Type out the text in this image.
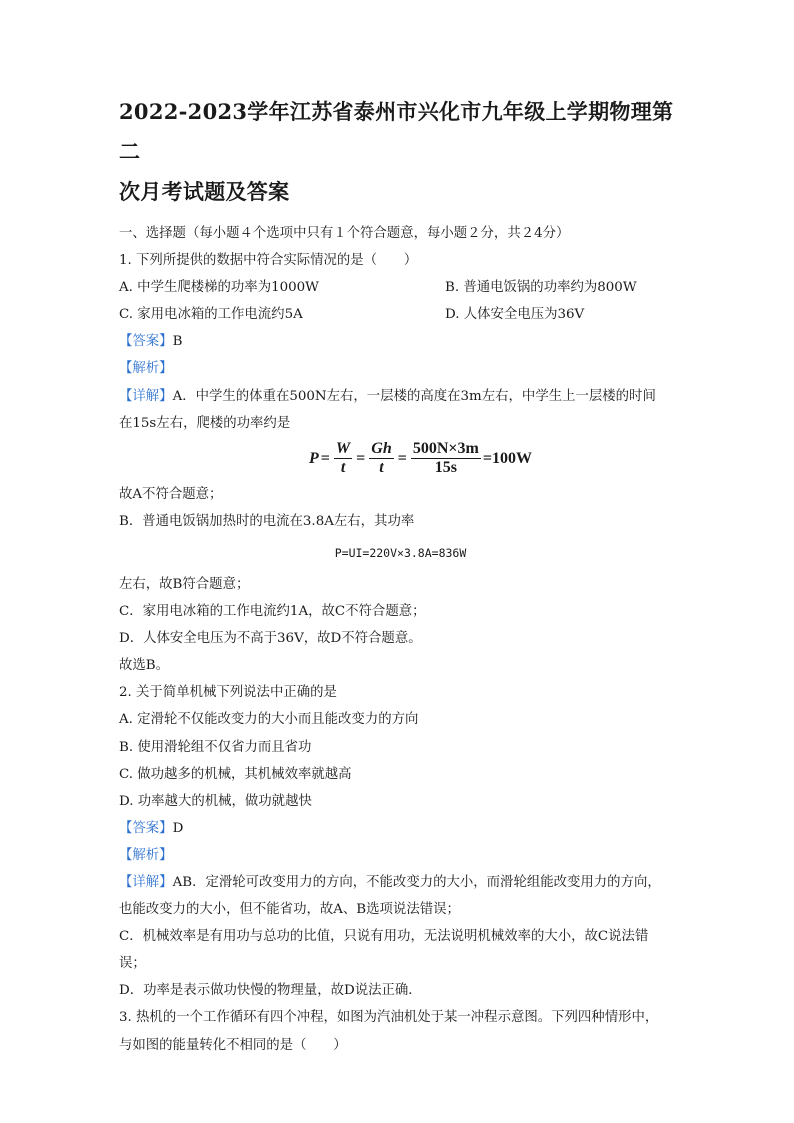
2022-2023学年江苏省泰州市兴化市九年级上学期物理第二
次月考试题及答案
一、选择题（每小题４个选项中只有１个符合题意，每小题２分，共２4分）
1. 下列所提供的数据中符合实际情况的是（　　）
A. 中学生爬楼梯的功率为1000W	B. 普通电饭锅的功率约为800W
C. 家用电冰箱的工作电流约5A	D. 人体安全电压为36V
【答案】B
【解析】
【详解】A．中学生的体重在500N左右，一层楼的高度在3m左右，中学生上一层楼的时间
在15s左右，爬楼的功率约是
$P = \frac{W}{t} = \frac{Gh}{t} = \frac{500N\times 3m}{15s} =100W$
故A不符合题意；
B．普通电饭锅加热时的电流在3.8A左右，其功率
P=UI=220V×3.8A=836W
左右，故B符合题意；
C．家用电冰箱的工作电流约1A，故C不符合题意；
D．人体安全电压为不高于36V，故D不符合题意。
故选B。
2. 关于简单机械下列说法中正确的是
A. 定滑轮不仅能改变力的大小而且能改变力的方向
B. 使用滑轮组不仅省力而且省功
C. 做功越多的机械，其机械效率就越高
D. 功率越大的机械，做功就越快
【答案】D
【解析】
【详解】AB．定滑轮可改变用力的方向，不能改变力的大小，而滑轮组能改变用力的方向，
也能改变力的大小，但不能省功，故A、B选项说法错误；
C．机械效率是有用功与总功的比值，只说有用功，无法说明机械效率的大小，故C说法错
误；
D．功率是表示做功快慢的物理量，故D说法正确．
3. 热机的一个工作循环有四个冲程，如图为汽油机处于某一冲程示意图。下列四种情形中，
与如图的能量转化不相同的是（　　）
